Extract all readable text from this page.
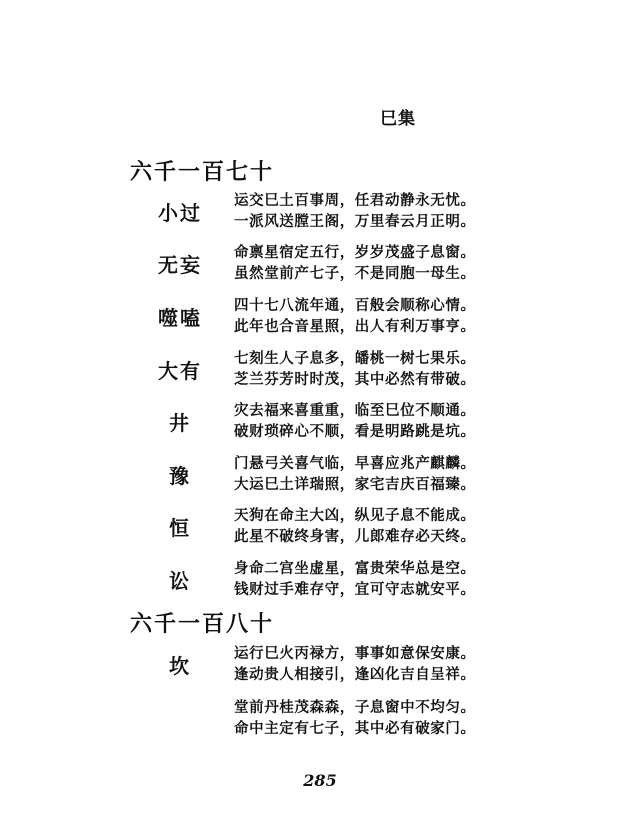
巳集
六千一百七十
小过
运交巳土百事周，任君动静永无忧。
一派风送膛王阁，万里春云月正明。
无妄
命禀星宿定五行，岁岁茂盛子息窗。
虽然堂前产七子，不是同胞一母生。
噬嗑
四十七八流年通，百般会顺称心情。
此年也合音星照，出人有利万事亨。
大有
七刻生人子息多，皤桃一树七果乐。
芝兰芬芳时时茂，其中必然有带破。
井
灾去福来喜重重，临至巳位不顺通。
破财琐碎心不顺，看是明路跳是坑。
豫
门悬弓关喜气临，早喜应兆产麒麟。
大运巳土详瑞照，家宅吉庆百福臻。
恒
天狗在命主大凶，纵见子息不能成。
此星不破终身害，儿郎难存必天终。
讼
身命二宫坐虚星，富贵荣华总是空。
钱财过手难存守，宜可守志就安平。
六千一百八十
坎
运行巳火丙禄方，事事如意保安康。
逢动贵人相接引，逢凶化吉自呈祥。
堂前丹桂茂森森，子息窗中不均匀。
命中主定有七子，其中必有破家门。
285
